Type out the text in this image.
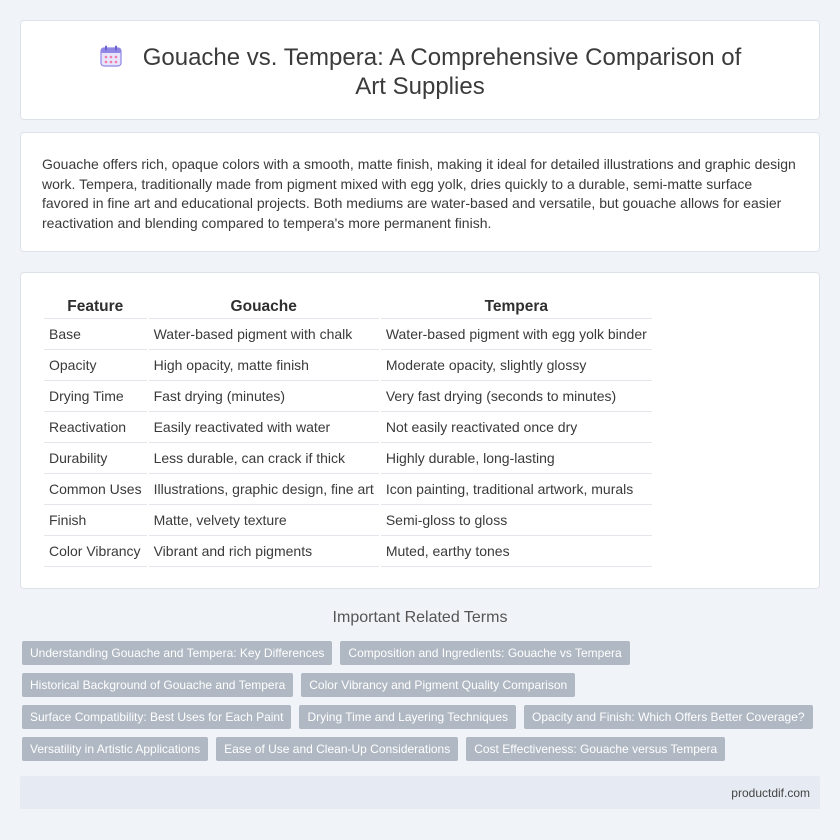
Gouache vs. Tempera: A Comprehensive Comparison of Art Supplies

Gouache offers rich, opaque colors with a smooth, matte finish, making it ideal for detailed illustrations and graphic design work. Tempera, traditionally made from pigment mixed with egg yolk, dries quickly to a durable, semi-matte surface favored in fine art and educational projects. Both mediums are water-based and versatile, but gouache allows for easier reactivation and blending compared to tempera's more permanent finish.

Feature	Gouache	Tempera
Base	Water-based pigment with chalk	Water-based pigment with egg yolk binder
Opacity	High opacity, matte finish	Moderate opacity, slightly glossy
Drying Time	Fast drying (minutes)	Very fast drying (seconds to minutes)
Reactivation	Easily reactivated with water	Not easily reactivated once dry
Durability	Less durable, can crack if thick	Highly durable, long-lasting
Common Uses	Illustrations, graphic design, fine art	Icon painting, traditional artwork, murals
Finish	Matte, velvety texture	Semi-gloss to gloss
Color Vibrancy	Vibrant and rich pigments	Muted, earthy tones
Important Related Terms
Understanding Gouache and Tempera: Key Differences	Composition and Ingredients: Gouache vs Tempera
Historical Background of Gouache and Tempera	Color Vibrancy and Pigment Quality Comparison
Surface Compatibility: Best Uses for Each Paint	Drying Time and Layering Techniques	Opacity and Finish: Which Offers Better Coverage?
Versatility in Artistic Applications	Ease of Use and Clean-Up Considerations	Cost Effectiveness: Gouache versus Tempera
productdif.com
